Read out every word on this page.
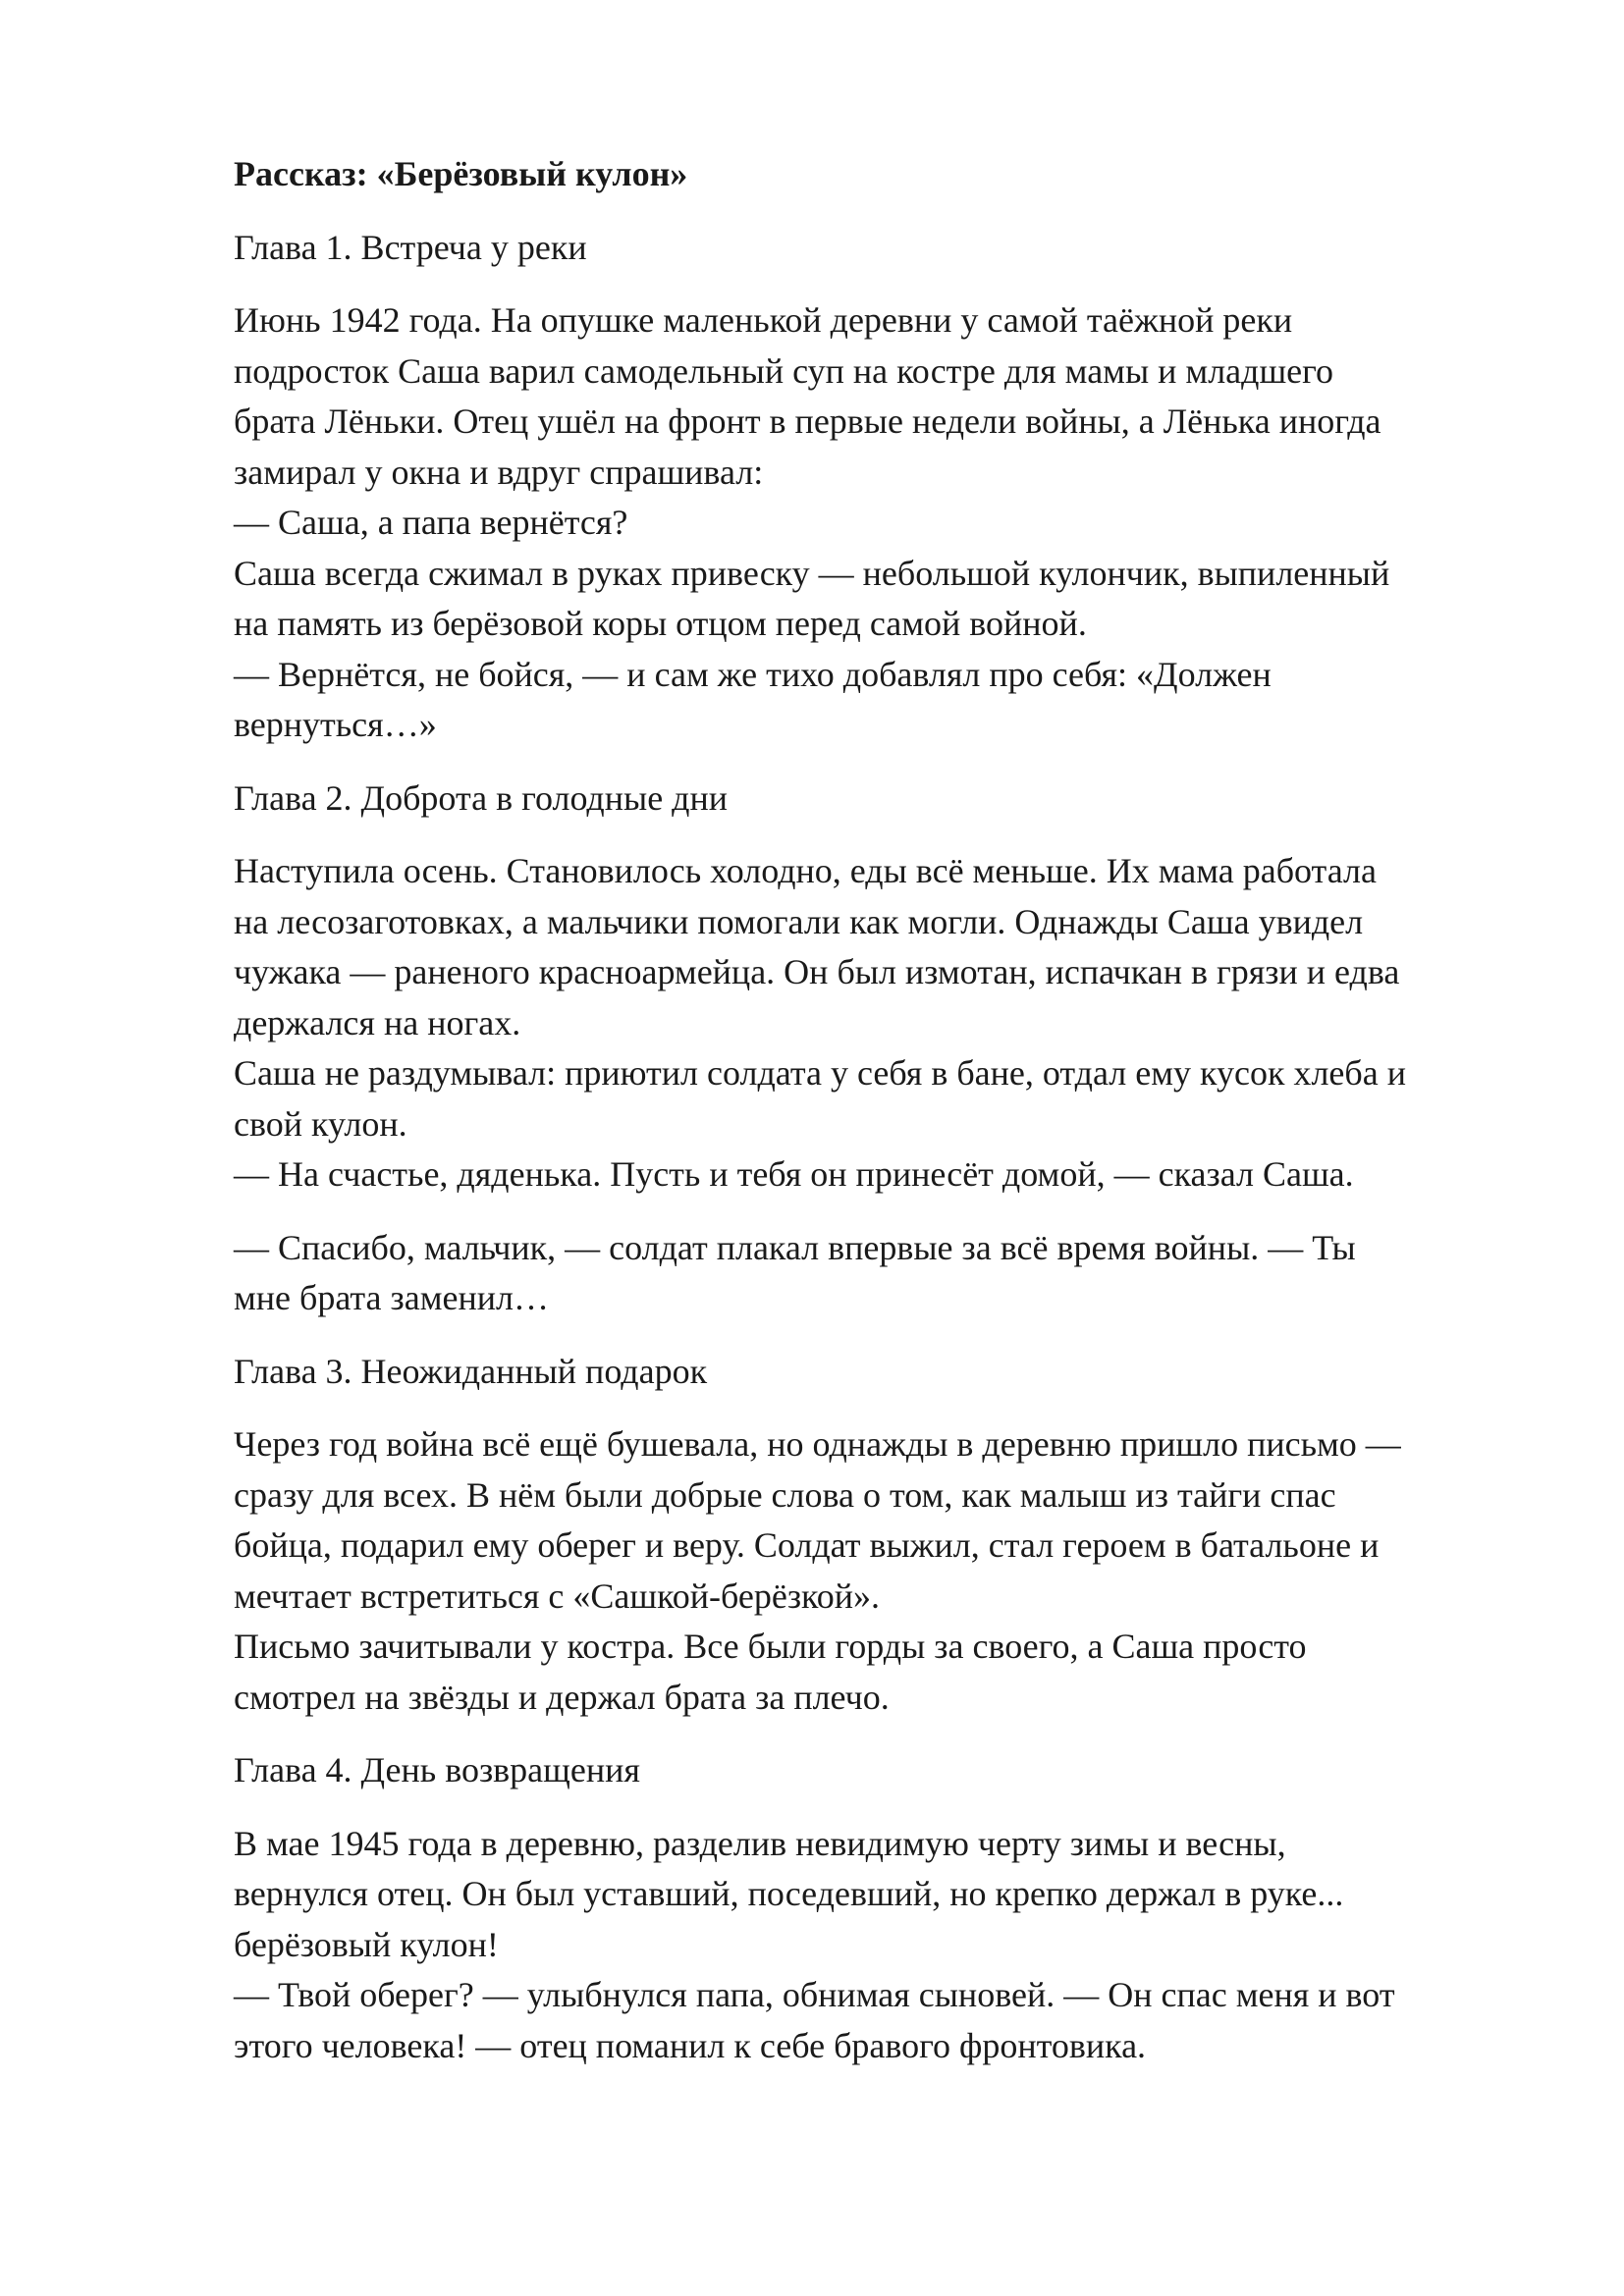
Рассказ: «Берёзовый кулон»
Глава 1. Встреча у реки
Июнь 1942 года. На опушке маленькой деревни у самой таёжной реки
подросток Саша варил самодельный суп на костре для мамы и младшего
брата Лёньки. Отец ушёл на фронт в первые недели войны, а Лёнька иногда
замирал у окна и вдруг спрашивал:
— Саша, а папа вернётся?
Саша всегда сжимал в руках привеску — небольшой кулончик, выпиленный
на память из берёзовой коры отцом перед самой войной.
— Вернётся, не бойся, — и сам же тихо добавлял про себя: «Должен
вернуться…»
Глава 2. Доброта в голодные дни
Наступила осень. Становилось холодно, еды всё меньше. Их мама работала
на лесозаготовках, а мальчики помогали как могли. Однажды Саша увидел
чужака — раненого красноармейца. Он был измотан, испачкан в грязи и едва
держался на ногах.
Саша не раздумывал: приютил солдата у себя в бане, отдал ему кусок хлеба и
свой кулон.
— На счастье, дяденька. Пусть и тебя он принесёт домой, — сказал Саша.
— Спасибо, мальчик, — солдат плакал впервые за всё время войны. — Ты
мне брата заменил…
Глава 3. Неожиданный подарок
Через год война всё ещё бушевала, но однажды в деревню пришло письмо —
сразу для всех. В нём были добрые слова о том, как малыш из тайги спас
бойца, подарил ему оберег и веру. Солдат выжил, стал героем в батальоне и
мечтает встретиться с «Сашкой-берёзкой».
Письмо зачитывали у костра. Все были горды за своего, а Саша просто
смотрел на звёзды и держал брата за плечо.
Глава 4. День возвращения
В мае 1945 года в деревню, разделив невидимую черту зимы и весны,
вернулся отец. Он был уставший, поседевший, но крепко держал в руке...
берёзовый кулон!
— Твой оберег? — улыбнулся папа, обнимая сыновей. — Он спас меня и вот
этого человека! — отец поманил к себе бравого фронтовика.
